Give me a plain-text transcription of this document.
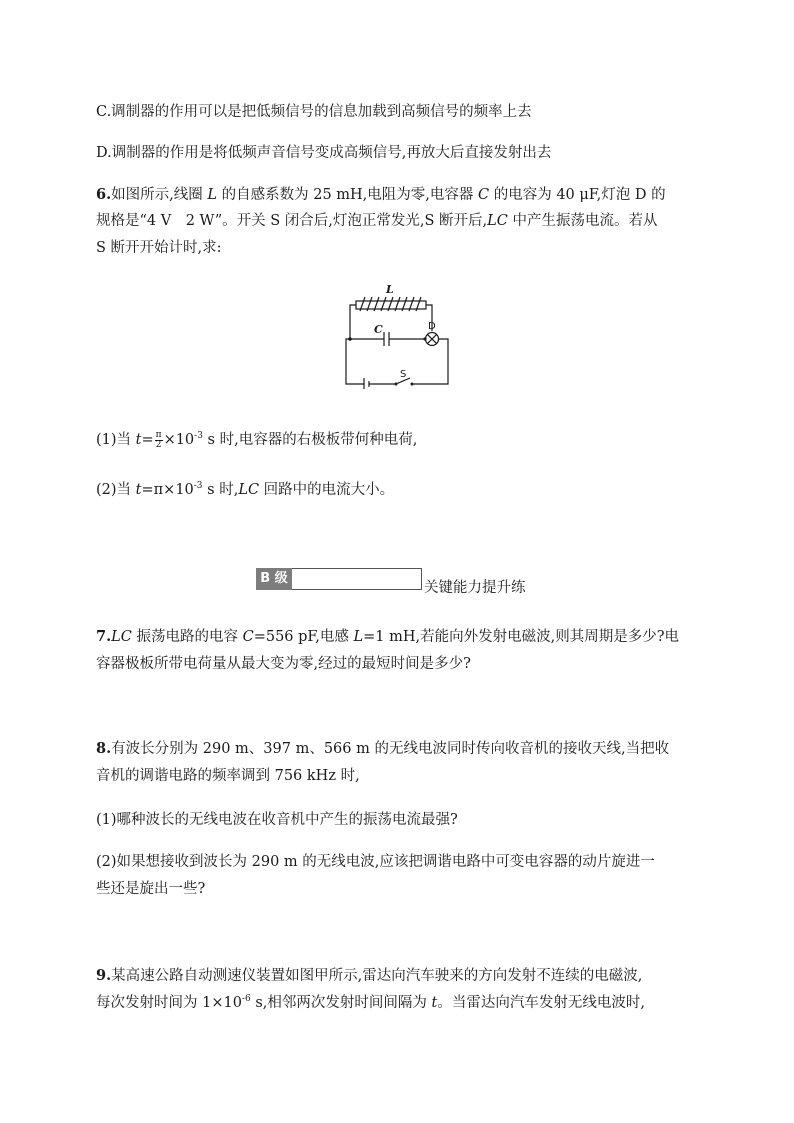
C.调制器的作用可以是把低频信号的信息加载到高频信号的频率上去
D.调制器的作用是将低频声音信号变成高频信号,再放大后直接发射出去
6.如图所示,线圈 L 的自感系数为 25 mH,电阻为零,电容器 C 的电容为 40 μF,灯泡 D 的
规格是“4 V　2 W”。开关 S 闭合后,灯泡正常发光,S 断开后,LC 中产生振荡电流。若从
S 断开开始计时,求:
L
C	D
S
(1)当 $t= \frac{\pi}{2} \times 10^{-3}$ s 时,电容器的右极板带何种电荷,
(2)当 $t=\pi\times 10^{-3}$ s 时,LC 回路中的电流大小。
B 级
关键能力提升练
7.LC 振荡电路的电容 C=556 pF,电感 L=1 mH,若能向外发射电磁波,则其周期是多少?电
容器极板所带电荷量从最大变为零,经过的最短时间是多少?
8.有波长分别为 290 m、397 m、566 m 的无线电波同时传向收音机的接收天线,当把收
音机的调谐电路的频率调到 756 kHz 时,
(1)哪种波长的无线电波在收音机中产生的振荡电流最强?
(2)如果想接收到波长为 290 m 的无线电波,应该把调谐电路中可变电容器的动片旋进一
些还是旋出一些?
9.某高速公路自动测速仪装置如图甲所示,雷达向汽车驶来的方向发射不连续的电磁波,
每次发射时间为 $1\times 10^{-6}$ s,相邻两次发射时间间隔为 t。当雷达向汽车发射无线电波时,
